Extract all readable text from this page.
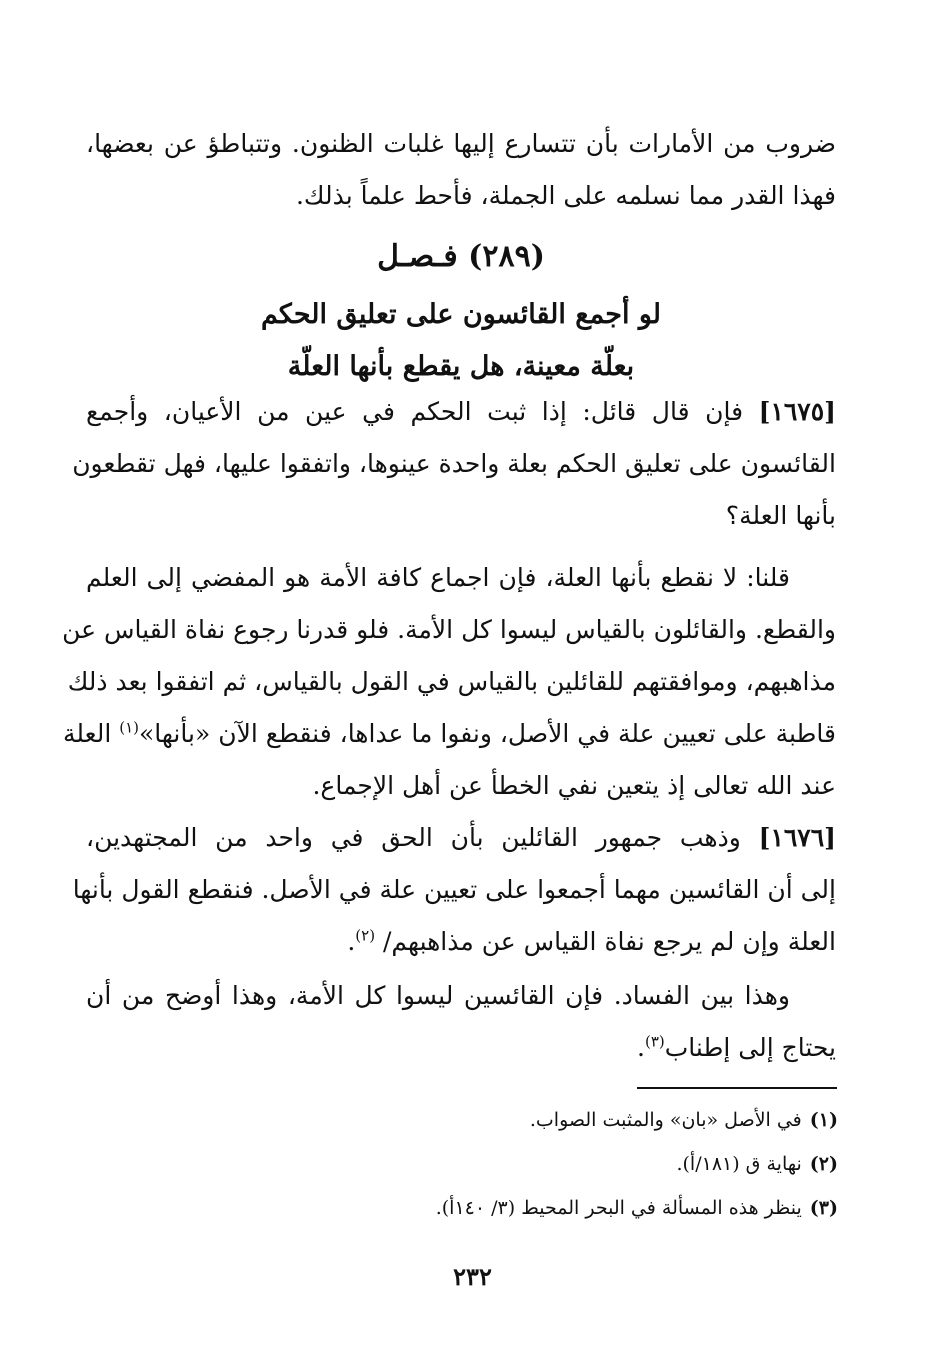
ضروب من الأمارات بأن تتسارع إليها غلبات الظنون. وتتباطؤ عن بعضها،
فهذا القدر مما نسلمه على الجملة، فأحط علماً بذلك.
(٢٨٩) فـصـل
لو أجمع القائسون على تعليق الحكم
بعلّة معينة، هل يقطع بأنها العلّة
[١٦٧٥] فإن قال قائل: إذا ثبت الحكم في عين من الأعيان، وأجمع
القائسون على تعليق الحكم بعلة واحدة عينوها، واتفقوا عليها، فهل تقطعون
بأنها العلة؟
قلنا: لا نقطع بأنها العلة، فإن اجماع كافة الأمة هو المفضي إلى العلم
والقطع. والقائلون بالقياس ليسوا كل الأمة. فلو قدرنا رجوع نفاة القياس عن
مذاهبهم، وموافقتهم للقائلين بالقياس في القول بالقياس، ثم اتفقوا بعد ذلك
قاطبة على تعيين علة في الأصل، ونفوا ما عداها، فنقطع الآن «بأنها»$^{(١)}$ العلة
عند الله تعالى إذ يتعين نفي الخطأ عن أهل الإجماع.
[١٦٧٦] وذهب جمهور القائلين بأن الحق في واحد من المجتهدين،
إلى أن القائسين مهما أجمعوا على تعيين علة في الأصل. فنقطع القول بأنها
العلة وإن لم يرجع نفاة القياس عن مذاهبهم/ $^{(٢)}$.
وهذا بين الفساد. فإن القائسين ليسوا كل الأمة، وهذا أوضح من أن
يحتاج إلى إطناب$^{(٣)}$.
(١)في الأصل «بان» والمثبت الصواب.
(٢)نهاية ق (١٨١/أ).
(٣)ينظر هذه المسألة في البحر المحيط (٣/ ١٤٠أ).
٢٣٢
